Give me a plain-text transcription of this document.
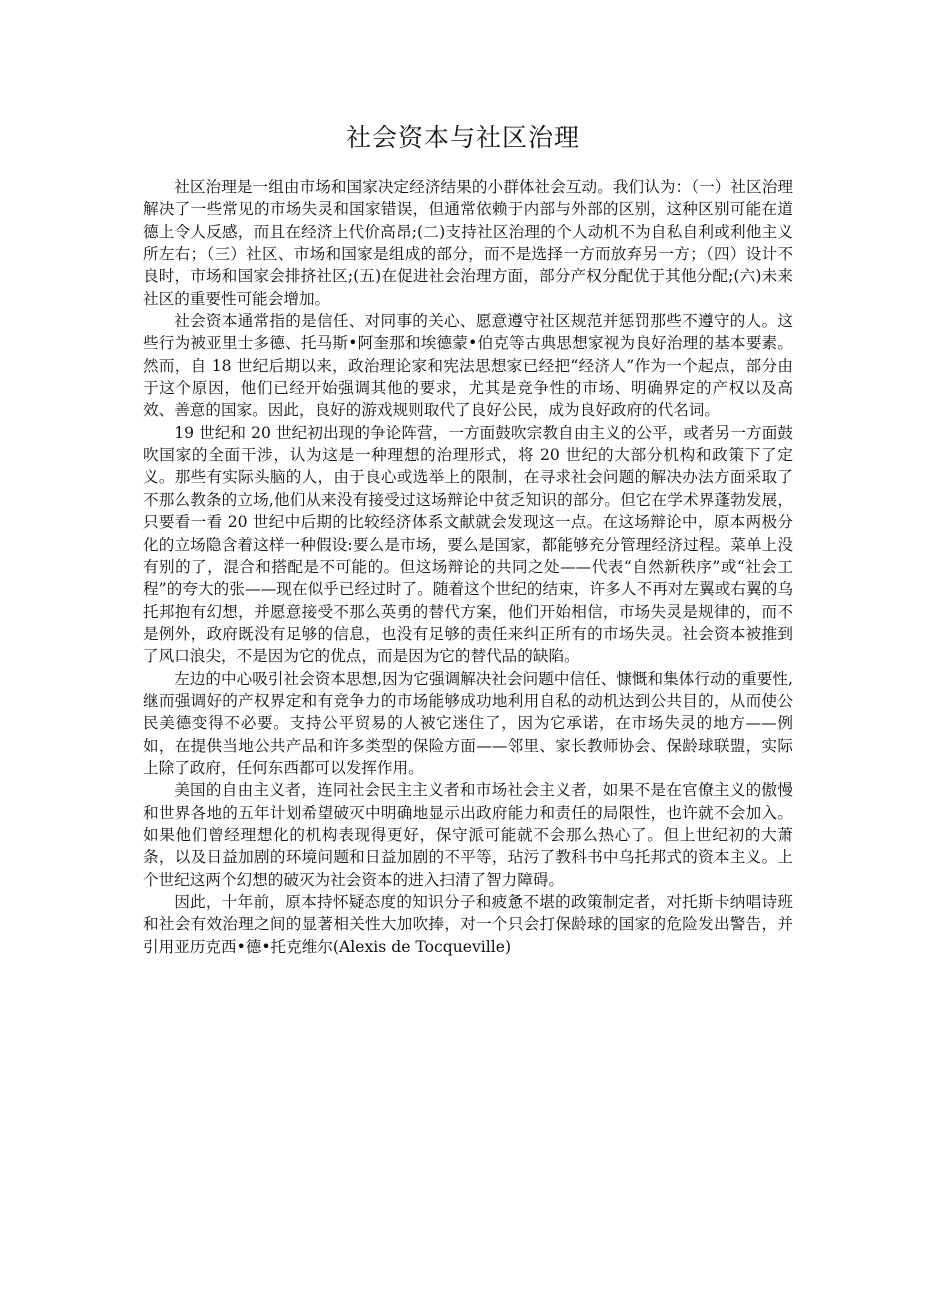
社会资本与社区治理

社区治理是一组由市场和国家决定经济结果的小群体社会互动。我们认为：（一）社区治理解决了一些常见的市场失灵和国家错误，但通常依赖于内部与外部的区别，这种区别可能在道德上令人反感，而且在经济上代价高昂;(二)支持社区治理的个人动机不为自私自利或利他主义所左右；（三）社区、市场和国家是组成的部分，而不是选择一方而放弃另一方；（四）设计不良时，市场和国家会排挤社区;(五)在促进社会治理方面，部分产权分配优于其他分配;(六)未来社区的重要性可能会增加。

社会资本通常指的是信任、对同事的关心、愿意遵守社区规范并惩罚那些不遵守的人。这些行为被亚里士多德、托马斯•阿奎那和埃德蒙•伯克等古典思想家视为良好治理的基本要素。然而，自 18 世纪后期以来，政治理论家和宪法思想家已经把“经济人”作为一个起点，部分由于这个原因，他们已经开始强调其他的要求，尤其是竞争性的市场、明确界定的产权以及高效、善意的国家。因此，良好的游戏规则取代了良好公民，成为良好政府的代名词。

19 世纪和 20 世纪初出现的争论阵营，一方面鼓吹宗教自由主义的公平，或者另一方面鼓吹国家的全面干涉，认为这是一种理想的治理形式，将 20 世纪的大部分机构和政策下了定义。那些有实际头脑的人，由于良心或选举上的限制，在寻求社会问题的解决办法方面采取了不那么教条的立场,他们从来没有接受过这场辩论中贫乏知识的部分。但它在学术界蓬勃发展，只要看一看 20 世纪中后期的比较经济体系文献就会发现这一点。在这场辩论中，原本两极分化的立场隐含着这样一种假设:要么是市场，要么是国家，都能够充分管理经济过程。菜单上没有别的了，混合和搭配是不可能的。但这场辩论的共同之处——代表“自然新秩序”或“社会工程”的夸大的张——现在似乎已经过时了。随着这个世纪的结束，许多人不再对左翼或右翼的乌托邦抱有幻想，并愿意接受不那么英勇的替代方案，他们开始相信，市场失灵是规律的，而不是例外，政府既没有足够的信息，也没有足够的责任来纠正所有的市场失灵。社会资本被推到了风口浪尖，不是因为它的优点，而是因为它的替代品的缺陷。

左边的中心吸引社会资本思想,因为它强调解决社会问题中信任、慷慨和集体行动的重要性,继而强调好的产权界定和有竞争力的市场能够成功地利用自私的动机达到公共目的，从而使公民美德变得不必要。支持公平贸易的人被它迷住了，因为它承诺，在市场失灵的地方——例如，在提供当地公共产品和许多类型的保险方面——邻里、家长教师协会、保龄球联盟，实际上除了政府，任何东西都可以发挥作用。

美国的自由主义者，连同社会民主主义者和市场社会主义者，如果不是在官僚主义的傲慢和世界各地的五年计划希望破灭中明确地显示出政府能力和责任的局限性，也许就不会加入。如果他们曾经理想化的机构表现得更好，保守派可能就不会那么热心了。但上世纪初的大萧条，以及日益加剧的环境问题和日益加剧的不平等，玷污了教科书中乌托邦式的资本主义。上个世纪这两个幻想的破灭为社会资本的进入扫清了智力障碍。

因此，十年前，原本持怀疑态度的知识分子和疲惫不堪的政策制定者，对托斯卡纳唱诗班和社会有效治理之间的显著相关性大加吹捧，对一个只会打保龄球的国家的危险发出警告，并引用亚历克西•德•托克维尔(Alexis de Tocqueville)
